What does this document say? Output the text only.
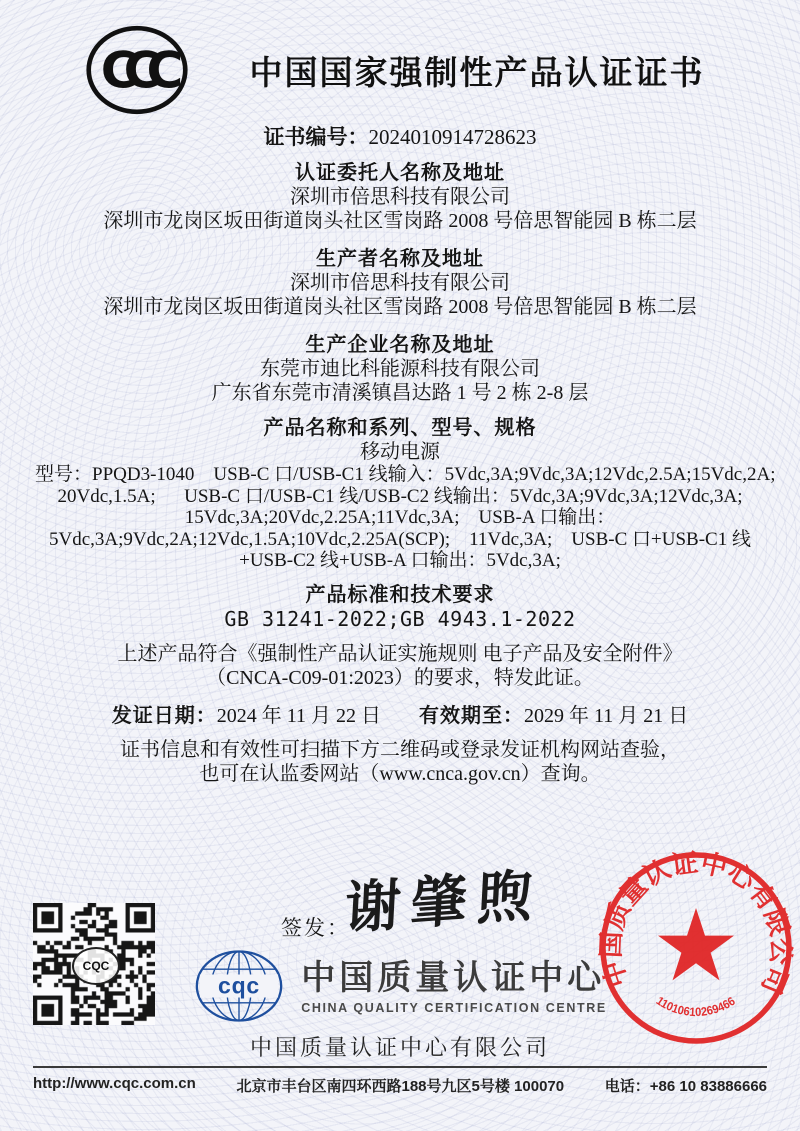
CCC	中国国家强制性产品认证证书
证书编号：2024010914728623
认证委托人名称及地址
深圳市倍思科技有限公司
深圳市龙岗区坂田街道岗头社区雪岗路 2008 号倍思智能园 B 栋二层
生产者名称及地址
深圳市倍思科技有限公司
深圳市龙岗区坂田街道岗头社区雪岗路 2008 号倍思智能园 B 栋二层
生产企业名称及地址
东莞市迪比科能源科技有限公司
广东省东莞市清溪镇昌达路 1 号 2 栋 2-8 层
产品名称和系列、型号、规格
移动电源
型号：PPQD3-1040    USB-C 口/USB-C1 线输入：5Vdc,3A;9Vdc,3A;12Vdc,2.5A;15Vdc,2A;
20Vdc,1.5A;      USB-C 口/USB-C1 线/USB-C2 线输出：5Vdc,3A;9Vdc,3A;12Vdc,3A;
15Vdc,3A;20Vdc,2.25A;11Vdc,3A;    USB-A 口输出：
5Vdc,3A;9Vdc,2A;12Vdc,1.5A;10Vdc,2.25A(SCP);    11Vdc,3A;    USB-C 口+USB-C1 线
+USB-C2 线+USB-A 口输出：5Vdc,3A;
产品标准和技术要求
GB 31241-2022;GB 4943.1-2022
上述产品符合《强制性产品认证实施规则 电子产品及安全附件》
（CNCA-C09-01:2023）的要求，特发此证。
发证日期：2024 年 11 月 22 日 有效期至：2029 年 11 月 21 日
证书信息和有效性可扫描下方二维码或登录发证机构网站查验，
也可在认监委网站（www.cnca.gov.cn）查询。
CQC
签发：
谢肇煦
中国质量认证中心有限公司
11010610269466
cqc 中国质量认证中心
CHINA QUALITY CERTIFICATION CENTRE
中国质量认证中心有限公司
http://www.cqc.com.cn	北京市丰台区南四环西路188号九区5号楼 100070	电话：+86 10 83886666
